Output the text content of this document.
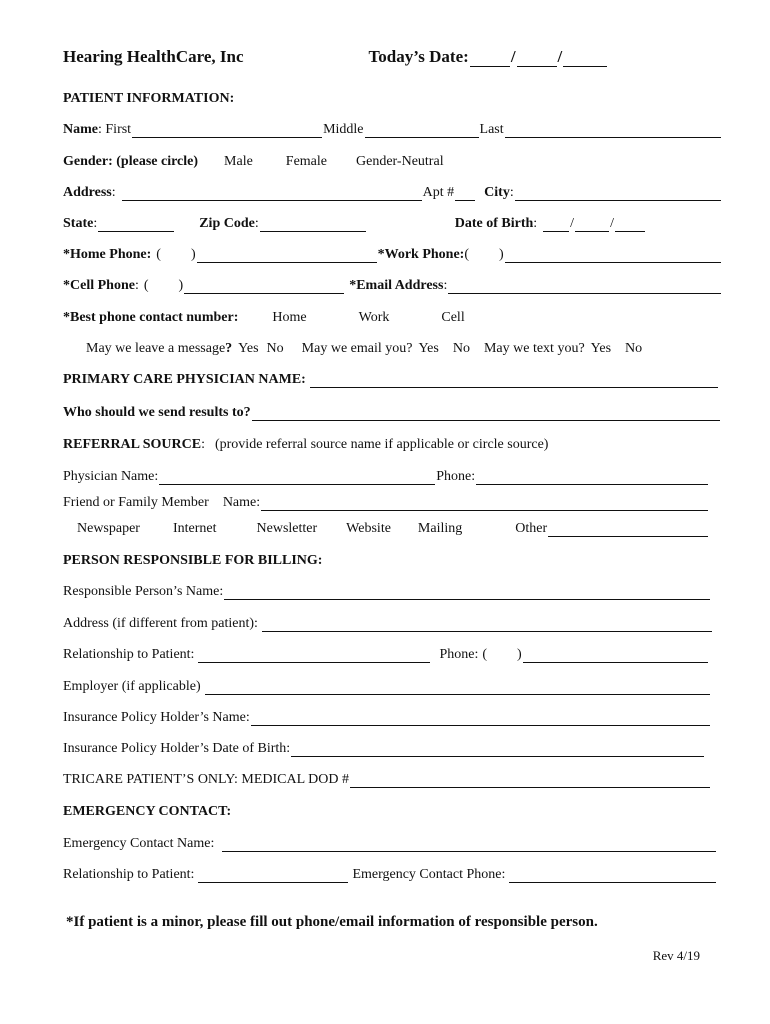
Hearing HealthCare, Inc	Today’s Date: / /
PATIENT INFORMATION:
Name : First	Middle	Last
Gender: (please circle) Male Female Gender-Neutral
Address :	Apt # City :
State :	Zip Code :	Date of Birth : /	/
*Home Phone: ( )	*Work Phone: ( )
*Cell Phone : ( )	*Email Address :
*Best phone contact number: Home	Work	Cell
May we leave a message ? Yes No May we email you? Yes No May we text you? Yes No
PRIMARY CARE PHYSICIAN NAME:
Who should we send results to?
REFERRAL SOURCE : (provide referral source name if applicable or circle source)
Physician Name:	Phone:
Friend or Family Member Name:
Newspaper Internet	Newsletter Website Mailing	Other
PERSON RESPONSIBLE FOR BILLING:
Responsible Person’s Name:
Address (if different from patient):
Relationship to Patient:	Phone: ( )
Employer (if applicable)
Insurance Policy Holder’s Name:
Insurance Policy Holder’s Date of Birth:
TRICARE PATIENT’S ONLY: MEDICAL DOD #
EMERGENCY CONTACT:
Emergency Contact Name:
Relationship to Patient:	Emergency Contact Phone:
*If patient is a minor, please fill out phone/email information of responsible person.
Rev 4/19
